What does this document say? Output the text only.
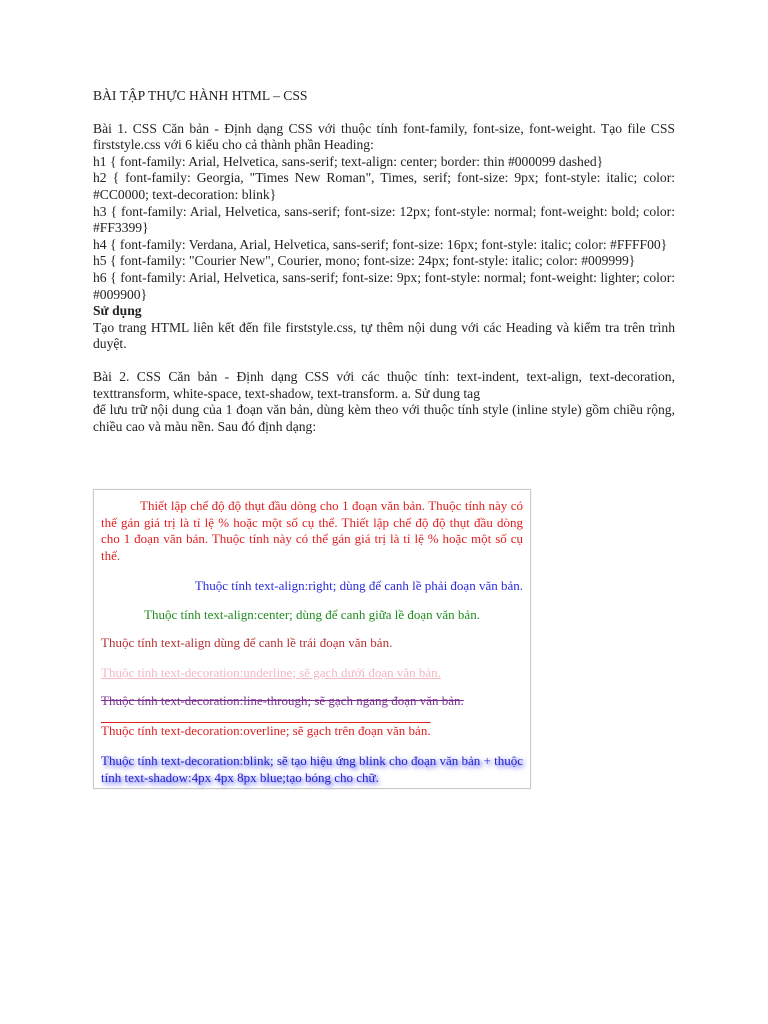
BÀI TẬP THỰC HÀNH HTML – CSS

Bài 1. CSS Căn bản - Định dạng CSS với thuộc tính font-family, font-size, font-weight. Tạo file CSS firststyle.css với 6 kiểu cho cả thành phần Heading:

h1 { font-family: Arial, Helvetica, sans-serif; text-align: center; border: thin #000099 dashed}

h2 { font-family: Georgia, "Times New Roman", Times, serif; font-size: 9px; font-style: italic; color: #CC0000; text-decoration: blink}

h3 { font-family: Arial, Helvetica, sans-serif; font-size: 12px; font-style: normal; font-weight: bold; color: #FF3399}

h4 { font-family: Verdana, Arial, Helvetica, sans-serif; font-size: 16px; font-style: italic; color: #FFFF00}

h5 { font-family: "Courier New", Courier, mono; font-size: 24px; font-style: italic; color: #009999}

h6 { font-family: Arial, Helvetica, sans-serif; font-size: 9px; font-style: normal; font-weight: lighter; color: #009900}

Sử dụng

Tạo trang HTML liên kết đến file firststyle.css, tự thêm nội dung với các Heading và kiểm tra trên trình duyệt.

Bài 2. CSS Căn bản - Định dạng CSS với các thuộc tính: text-indent, text-align, text-decoration, texttransform, white-space, text-shadow, text-transform. a. Sử dung tag

để lưu trữ nội dung của 1 đoạn văn bản, dùng kèm theo với thuộc tính style (inline style) gồm chiều rộng, chiều cao và màu nền. Sau đó định dạng:

Thiết lập chế độ độ thụt đầu dòng cho 1 đoạn văn bản. Thuộc tính này có thể gán giá trị là tỉ lệ % hoặc một số cụ thể. Thiết lập chế độ độ thụt đầu dòng cho 1 đoạn văn bản. Thuộc tính này có thể gán giá trị là tỉ lệ % hoặc một số cụ thể.

Thuộc tính text-align:right; dùng để canh lề phải đoạn văn bản.

Thuộc tính text-align:center; dùng để canh giữa lề đoạn văn bản.

Thuộc tính text-align dùng để canh lề trái đoạn văn bản.

Thuộc tính text-decoration:underline; sẽ gạch dưới đoạn văn bản.

Thuộc tính text-decoration:line-through; sẽ gạch ngang đoạn văn bản.

Thuộc tính text-decoration:overline; sẽ gạch trên đoạn văn bản.

Thuộc tính text-decoration:blink; sẽ tạo hiệu ứng blink cho đoạn văn bản + thuộc tính text-shadow:4px 4px 8px blue;tạo bóng cho chữ.
